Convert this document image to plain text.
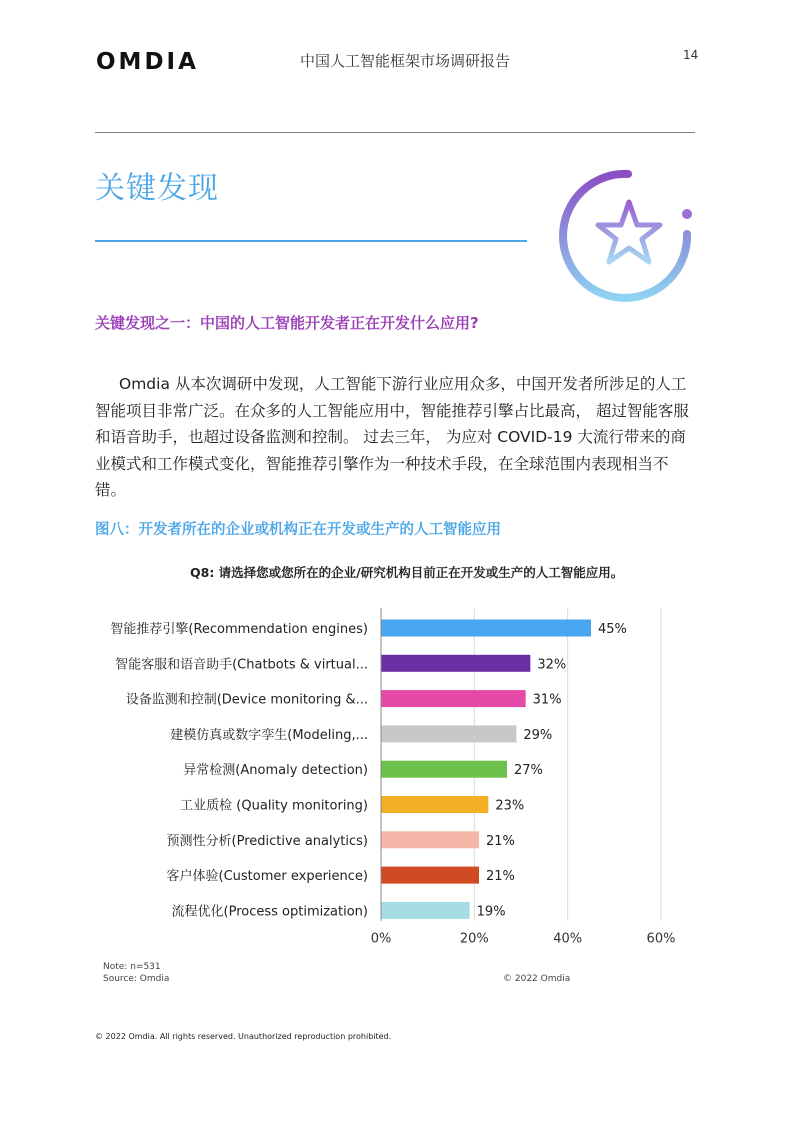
OMDIA	中国人工智能框架市场调研报告	14
关键发现
关键发现之一：中国的人工智能开发者正在开发什么应用?
Omdia 从本次调研中发现，人工智能下游行业应用众多，中国开发者所涉足的人工智能项目非常广泛。在众多的人工智能应用中，智能推荐引擎占比最高， 超过智能客服和语音助手，也超过设备监测和控制。 过去三年， 为应对 COVID-19 大流行带来的商业模式和工作模式变化，智能推荐引擎作为一种技术手段，在全球范围内表现相当不错。
图八：开发者所在的企业或机构正在开发或生产的人工智能应用
Q8: 请选择您或您所在的企业/研究机构目前正在开发或生产的人工智能应用。
智能推荐引擎(Recommendation engines)	45%
智能客服和语音助手(Chatbots & virtual...	32%
设备监测和控制(Device monitoring &...	31%
建模仿真或数字孪生(Modeling,...	29%
异常检测(Anomaly detection)	27%
工业质检 (Quality monitoring)	23%
预测性分析(Predictive analytics)	21%
客户体验(Customer experience)	21%
流程优化(Process optimization)	19%
0%	20%	40%	60%
Note: n=531
Source: Omdia	© 2022 Omdia
© 2022 Omdia. All rights reserved. Unauthorized reproduction prohibited.
